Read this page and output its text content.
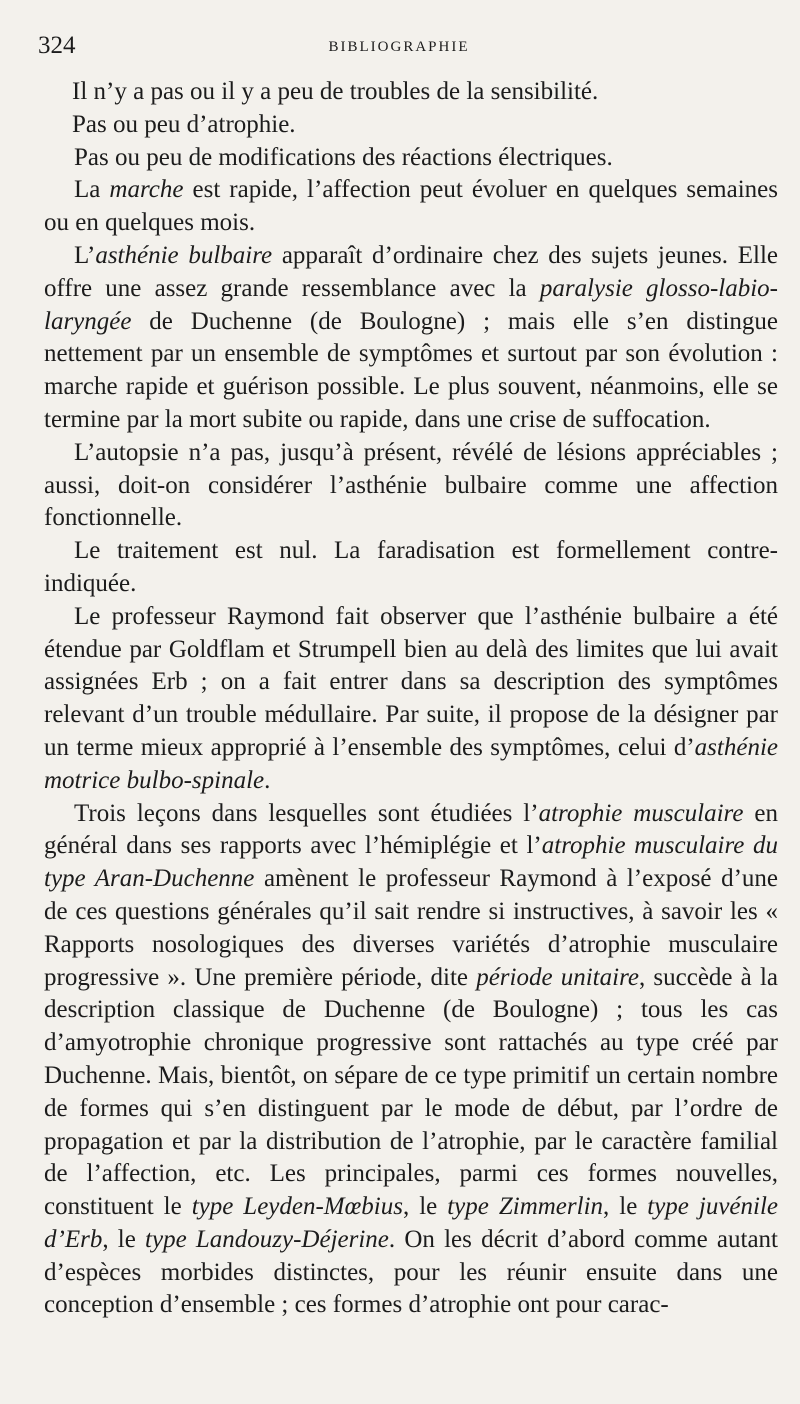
324	BIBLIOGRAPHIE

Il n’y a pas ou il y a peu de troubles de la sensibilité.

Pas ou peu d’atrophie.

Pas ou peu de modifications des réactions électriques.

La marche est rapide, l’affection peut évoluer en quelques semaines ou en quelques mois.

L’asthénie bulbaire apparaît d’ordinaire chez des sujets jeunes. Elle offre une assez grande ressemblance avec la paralysie glosso-labio-laryngée de Duchenne (de Boulogne) ; mais elle s’en distingue nettement par un ensemble de symptômes et surtout par son évolution : marche rapide et guérison possible. Le plus souvent, néanmoins, elle se termine par la mort subite ou rapide, dans une crise de suffocation.

L’autopsie n’a pas, jusqu’à présent, révélé de lésions appréciables ; aussi, doit-on considérer l’asthénie bulbaire comme une affection fonctionnelle.

Le traitement est nul. La faradisation est formellement contre-indiquée.

Le professeur Raymond fait observer que l’asthénie bulbaire a été étendue par Goldflam et Strumpell bien au delà des limites que lui avait assignées Erb ; on a fait entrer dans sa description des symptômes relevant d’un trouble médullaire. Par suite, il propose de la désigner par un terme mieux approprié à l’ensemble des symptômes, celui d’asthénie motrice bulbo-spinale.

Trois leçons dans lesquelles sont étudiées l’atrophie musculaire en général dans ses rapports avec l’hémiplégie et l’atrophie musculaire du type Aran-Duchenne amènent le professeur Raymond à l’exposé d’une de ces questions générales qu’il sait rendre si instructives, à savoir les « Rapports nosologiques des diverses variétés d’atrophie musculaire progressive ». Une première période, dite période unitaire, succède à la description classique de Duchenne (de Boulogne) ; tous les cas d’amyotrophie chronique progressive sont rattachés au type créé par Duchenne. Mais, bientôt, on sépare de ce type primitif un certain nombre de formes qui s’en distinguent par le mode de début, par l’ordre de propagation et par la distribution de l’atrophie, par le caractère familial de l’affection, etc. Les principales, parmi ces formes nouvelles, constituent le type Leyden-Mœbius, le type Zimmerlin, le type juvénile d’Erb, le type Landouzy-Déjerine. On les décrit d’abord comme autant d’espèces morbides distinctes, pour les réunir ensuite dans une conception d’ensemble ; ces formes d’atrophie ont pour carac-
